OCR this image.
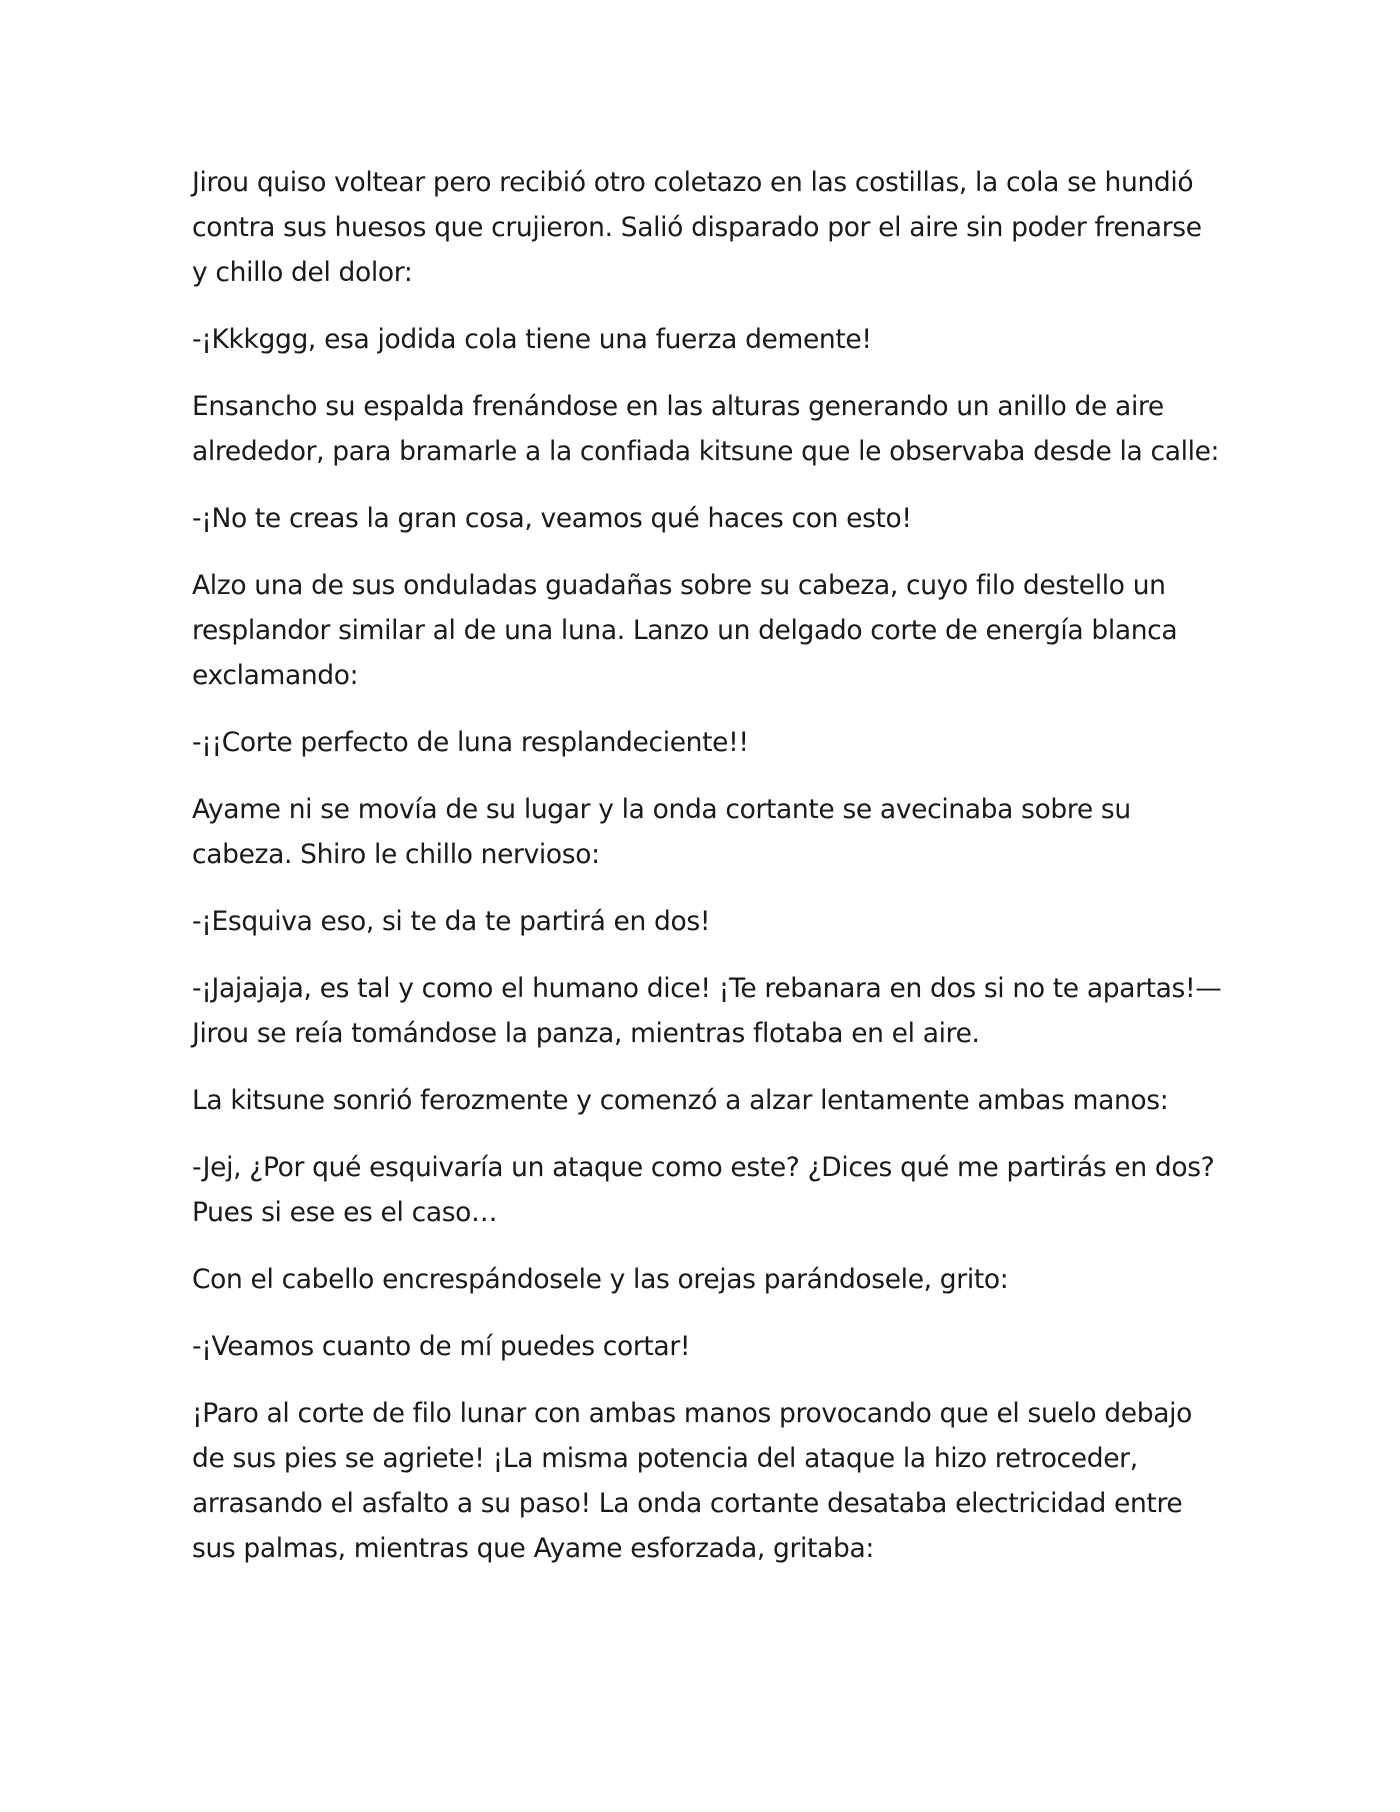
Jirou quiso voltear pero recibió otro coletazo en las costillas, la cola se hundió contra sus huesos que crujieron. Salió disparado por el aire sin poder frenarse y chillo del dolor:

-¡Kkkggg, esa jodida cola tiene una fuerza demente!

Ensancho su espalda frenándose en las alturas generando un anillo de aire alrededor, para bramarle a la confiada kitsune que le observaba desde la calle:

-¡No te creas la gran cosa, veamos qué haces con esto!

Alzo una de sus onduladas guadañas sobre su cabeza, cuyo filo destello un resplandor similar al de una luna. Lanzo un delgado corte de energía blanca exclamando:

-¡¡Corte perfecto de luna resplandeciente!!

Ayame ni se movía de su lugar y la onda cortante se avecinaba sobre su cabeza. Shiro le chillo nervioso:

-¡Esquiva eso, si te da te partirá en dos!

-¡Jajajaja, es tal y como el humano dice! ¡Te rebanara en dos si no te apartas!—Jirou se reía tomándose la panza, mientras flotaba en el aire.

La kitsune sonrió ferozmente y comenzó a alzar lentamente ambas manos:

-Jej, ¿Por qué esquivaría un ataque como este? ¿Dices qué me partirás en dos? Pues si ese es el caso…

Con el cabello encrespándosele y las orejas parándosele, grito:

-¡Veamos cuanto de mí puedes cortar!

¡Paro al corte de filo lunar con ambas manos provocando que el suelo debajo de sus pies se agriete! ¡La misma potencia del ataque la hizo retroceder, arrasando el asfalto a su paso! La onda cortante desataba electricidad entre sus palmas, mientras que Ayame esforzada, gritaba:
